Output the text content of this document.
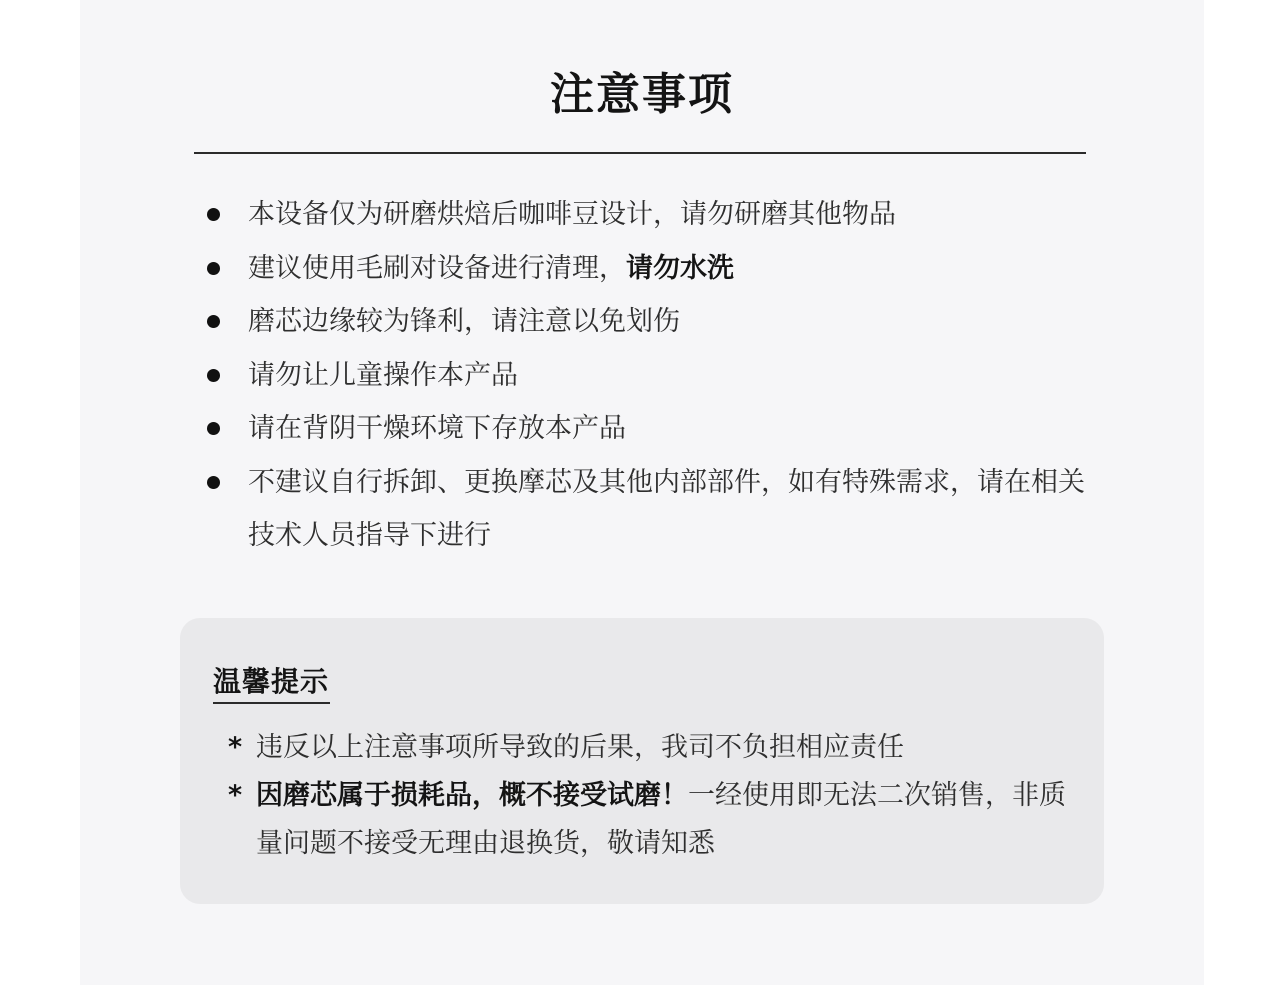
注意事项
本设备仅为研磨烘焙后咖啡豆设计，请勿研磨其他物品
建议使用毛刷对设备进行清理，请勿水洗
磨芯边缘较为锋利，请注意以免划伤
请勿让儿童操作本产品
请在背阴干燥环境下存放本产品
不建议自行拆卸、更换摩芯及其他内部部件，如有特殊需求，请在相关技术人员指导下进行
温馨提示
* 违反以上注意事项所导致的后果，我司不负担相应责任
* 因磨芯属于损耗品，概不接受试磨！一经使用即无法二次销售，非质量问题不接受无理由退换货，敬请知悉
